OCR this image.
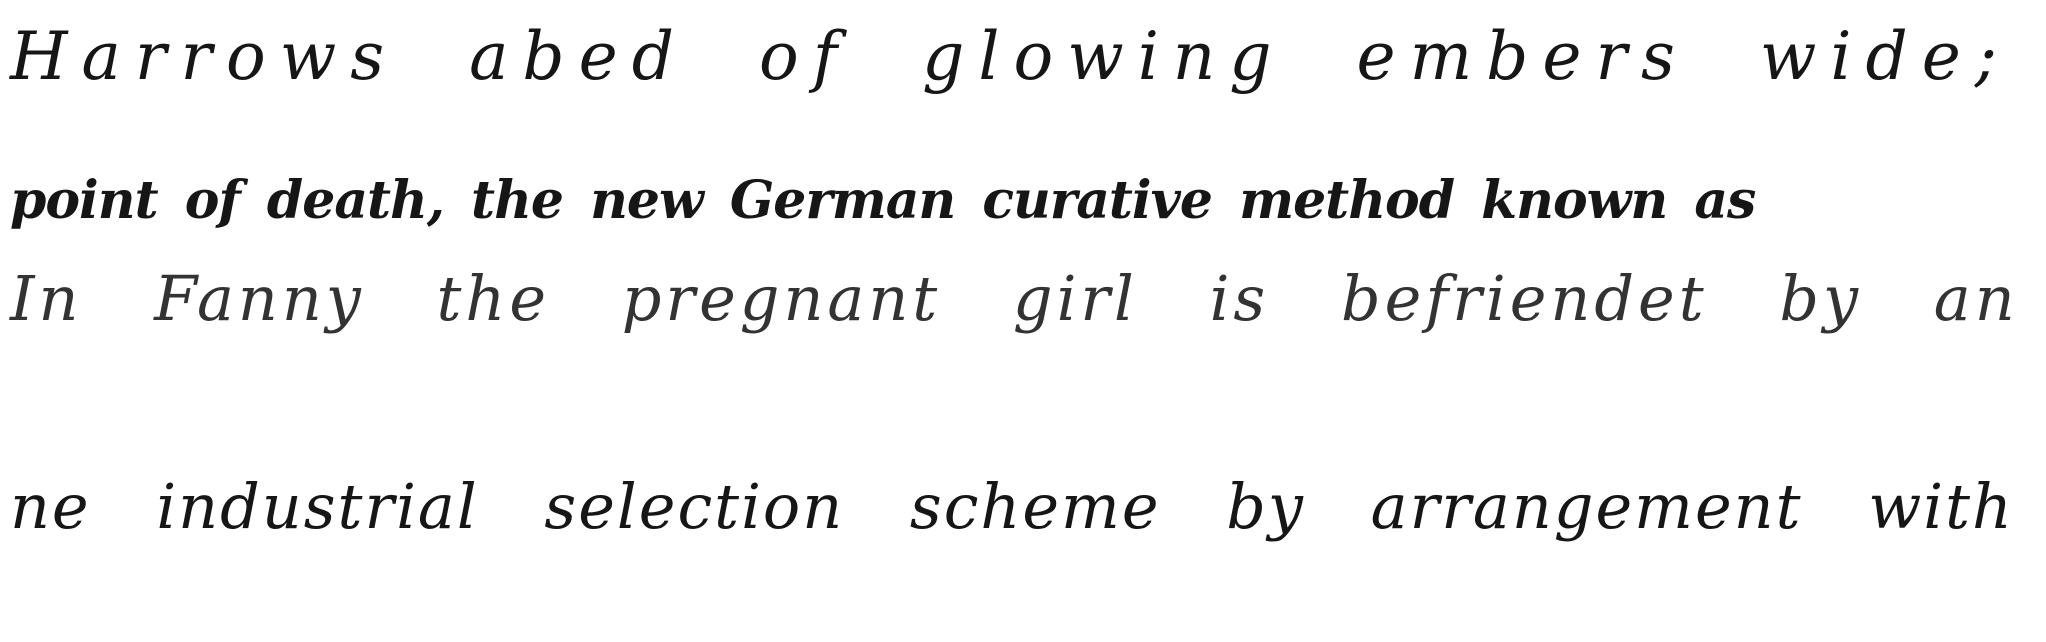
Harrows abed of glowing embers wide;
point of death, the new German curative method known as
In Fanny the pregnant girl is befriendet by an
ne industrial selection scheme by arrangement with
